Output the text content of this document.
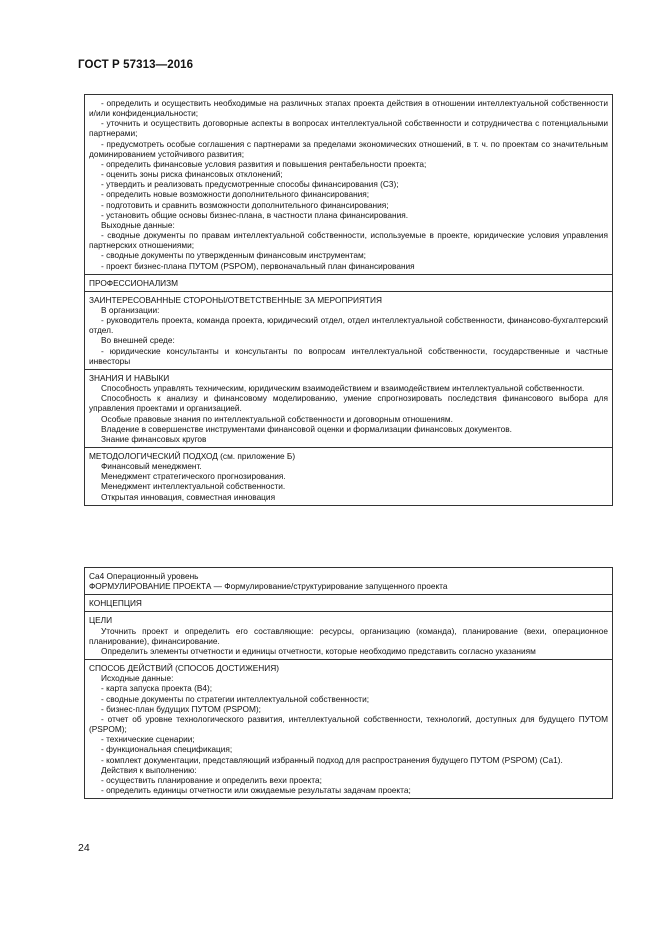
ГОСТ Р 57313—2016
- определить и осуществить необходимые на различных этапах проекта действия в отношении интеллектуальной собственности и/или конфиденциальности;
- уточнить и осуществить договорные аспекты в вопросах интеллектуальной собственности и сотрудничества с потенциальными партнерами;
- предусмотреть особые соглашения с партнерами за пределами экономических отношений, в т. ч. по проектам со значительным доминированием устойчивого развития;
- определить финансовые условия развития и повышения рентабельности проекта;
- оценить зоны риска финансовых отклонений;
- утвердить и реализовать предусмотренные способы финансирования (С3);
- определить новые возможности дополнительного финансирования;
- подготовить и сравнить возможности дополнительного финансирования;
- установить общие основы бизнес-плана, в частности плана финансирования.
Выходные данные:
- сводные документы по правам интеллектуальной собственности, используемые в проекте, юридические условия управления партнерских отношениями;
- сводные документы по утвержденным финансовым инструментам;
- проект бизнес-плана ПУТОМ (PSPOM), первоначальный план финансирования
ПРОФЕССИОНАЛИЗМ
ЗАИНТЕРЕСОВАННЫЕ СТОРОНЫ/ОТВЕТСТВЕННЫЕ ЗА МЕРОПРИЯТИЯ
В организации:
- руководитель проекта, команда проекта, юридический отдел, отдел интеллектуальной собственности, финансово-бухгалтерский отдел.
Во внешней среде:
- юридические консультанты и консультанты по вопросам интеллектуальной собственности, государственные и частные инвесторы
ЗНАНИЯ И НАВЫКИ
Способность управлять техническим, юридическим взаимодействием и взаимодействием интеллектуальной собственности.
Способность к анализу и финансовому моделированию, умение спрогнозировать последствия финансового выбора для управления проектами и организацией.
Особые правовые знания по интеллектуальной собственности и договорным отношениям.
Владение в совершенстве инструментами финансовой оценки и формализации финансовых документов.
Знание финансовых кругов
МЕТОДОЛОГИЧЕСКИЙ ПОДХОД (см. приложение Б)
Финансовый менеджмент.
Менеджмент стратегического прогнозирования.
Менеджмент интеллектуальной собственности.
Открытая инновация, совместная инновация
Ca4 Операционный уровень
ФОРМУЛИРОВАНИЕ ПРОЕКТА — Формулирование/структурирование запущенного проекта
КОНЦЕПЦИЯ
ЦЕЛИ
Уточнить проект и определить его составляющие: ресурсы, организацию (команда), планирование (вехи, операционное планирование), финансирование.
Определить элементы отчетности и единицы отчетности, которые необходимо представить согласно указаниям
СПОСОБ ДЕЙСТВИЙ (СПОСОБ ДОСТИЖЕНИЯ)
Исходные данные:
- карта запуска проекта (В4);
- сводные документы по стратегии интеллектуальной собственности;
- бизнес-план будущих ПУТОМ (PSPOM);
- отчет об уровне технологического развития, интеллектуальной собственности, технологий, доступных для будущего ПУТОМ (PSPOM);
- технические сценарии;
- функциональная спецификация;
- комплект документации, представляющий избранный подход для распространения будущего ПУТОМ (PSPOM) (Ca1).
Действия к выполнению:
- осуществить планирование и определить вехи проекта;
- определить единицы отчетности или ожидаемые результаты задачам проекта;
24
